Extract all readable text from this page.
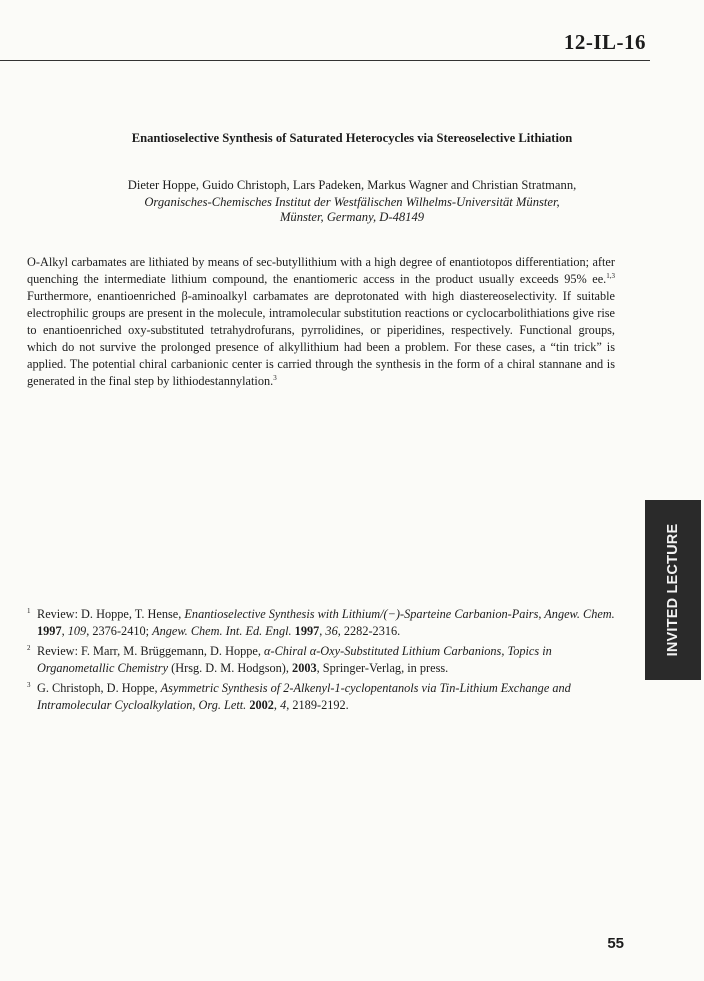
12-IL-16
Enantioselective Synthesis of Saturated Heterocycles via Stereoselective Lithiation
Dieter Hoppe, Guido Christoph, Lars Padeken, Markus Wagner and Christian Stratmann,
Organisches-Chemisches Institut der Westfälischen Wilhelms-Universität Münster,
Münster, Germany, D-48149
O-Alkyl carbamates are lithiated by means of sec-butyllithium with a high degree of enantiotopos differentiation; after quenching the intermediate lithium compound, the enantiomeric access in the product usually exceeds 95% ee.$^{1,3}$ Furthermore, enantioenriched β-aminoalkyl carbamates are deprotonated with high diastereoselectivity. If suitable electrophilic groups are present in the molecule, intramolecular substitution reactions or cyclocarbolithiations give rise to enantioenriched oxy-substituted tetrahydrofurans, pyrrolidines, or piperidines, respectively. Functional groups, which do not survive the prolonged presence of alkyllithium had been a problem. For these cases, a “tin trick” is applied. The potential chiral carbanionic center is carried through the synthesis in the form of a chiral stannane and is generated in the final step by lithiodestannylation.$^3$
$^1$ Review: D. Hoppe, T. Hense, Enantioselective Synthesis with Lithium/(−)-Sparteine Carbanion-Pairs, Angew. Chem. 1997, 109, 2376-2410; Angew. Chem. Int. Ed. Engl. 1997, 36, 2282-2316.
$^2$ Review: F. Marr, M. Brüggemann, D. Hoppe, α-Chiral α-Oxy-Substituted Lithium Carbanions, Topics in Organometallic Chemistry (Hrsg. D. M. Hodgson), 2003, Springer-Verlag, in press.
$^3$ G. Christoph, D. Hoppe, Asymmetric Synthesis of 2-Alkenyl-1-cyclopentanols via Tin-Lithium Exchange and Intramolecular Cycloalkylation, Org. Lett. 2002, 4, 2189-2192.
INVITED LECTURE
55
